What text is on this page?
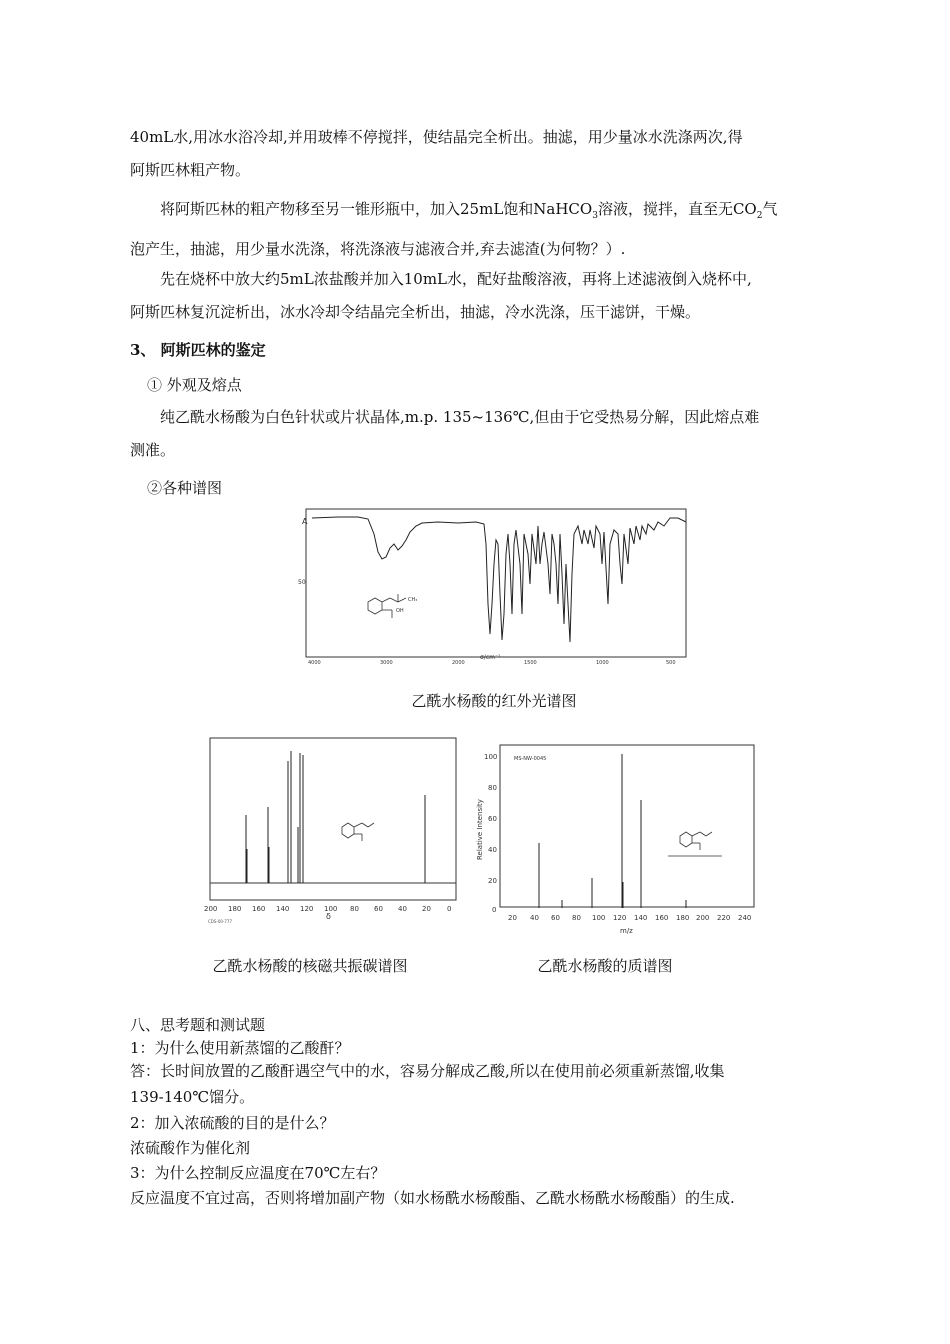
40mL水,用冰水浴冷却,并用玻棒不停搅拌，使结晶完全析出。抽滤，用少量冰水洗涤两次,得
阿斯匹林粗产物。
将阿斯匹林的粗产物移至另一锥形瓶中，加入25mL饱和NaHCO$_3$溶液，搅拌，直至无$CO_2$气
泡产生，抽滤，用少量水洗涤，将洗涤液与滤液合并,弃去滤渣(为何物？）.
先在烧杯中放大约5mL浓盐酸并加入10mL水，配好盐酸溶液，再将上述滤液倒入烧杯中,
阿斯匹林复沉淀析出，冰水冷却令结晶完全析出，抽滤，冷水洗涤，压干滤饼，干燥。
3、 阿斯匹林的鉴定
① 外观及熔点
纯乙酰水杨酸为白色针状或片状晶体,m.p. 135~136℃,但由于它受热易分解，因此熔点难
测准。
②各种谱图
A
50
4000	3000	2000	1500	1000	500
σ/cm⁻¹
CH₃
OH
乙酰水杨酸的红外光谱图
200 180 160 140 120 100 80 60 40 20 0
δ
CDS-00-777
乙酰水杨酸的核磁共振碳谱图
MS-NW-0045
100
80
60
40
20
0
Relative Intensity
20 40 60 80 100 120 140 160 180 200 220 240
m/z
乙酰水杨酸的质谱图
八、思考题和测试题
1：为什么使用新蒸馏的乙酸酐？
答：长时间放置的乙酸酐遇空气中的水，容易分解成乙酸,所以在使用前必须重新蒸馏,收集
139-140℃馏分。
2：加入浓硫酸的目的是什么？
浓硫酸作为催化剂
3：为什么控制反应温度在70℃左右？
反应温度不宜过高，否则将增加副产物（如水杨酰水杨酸酯、乙酰水杨酰水杨酸酯）的生成.
